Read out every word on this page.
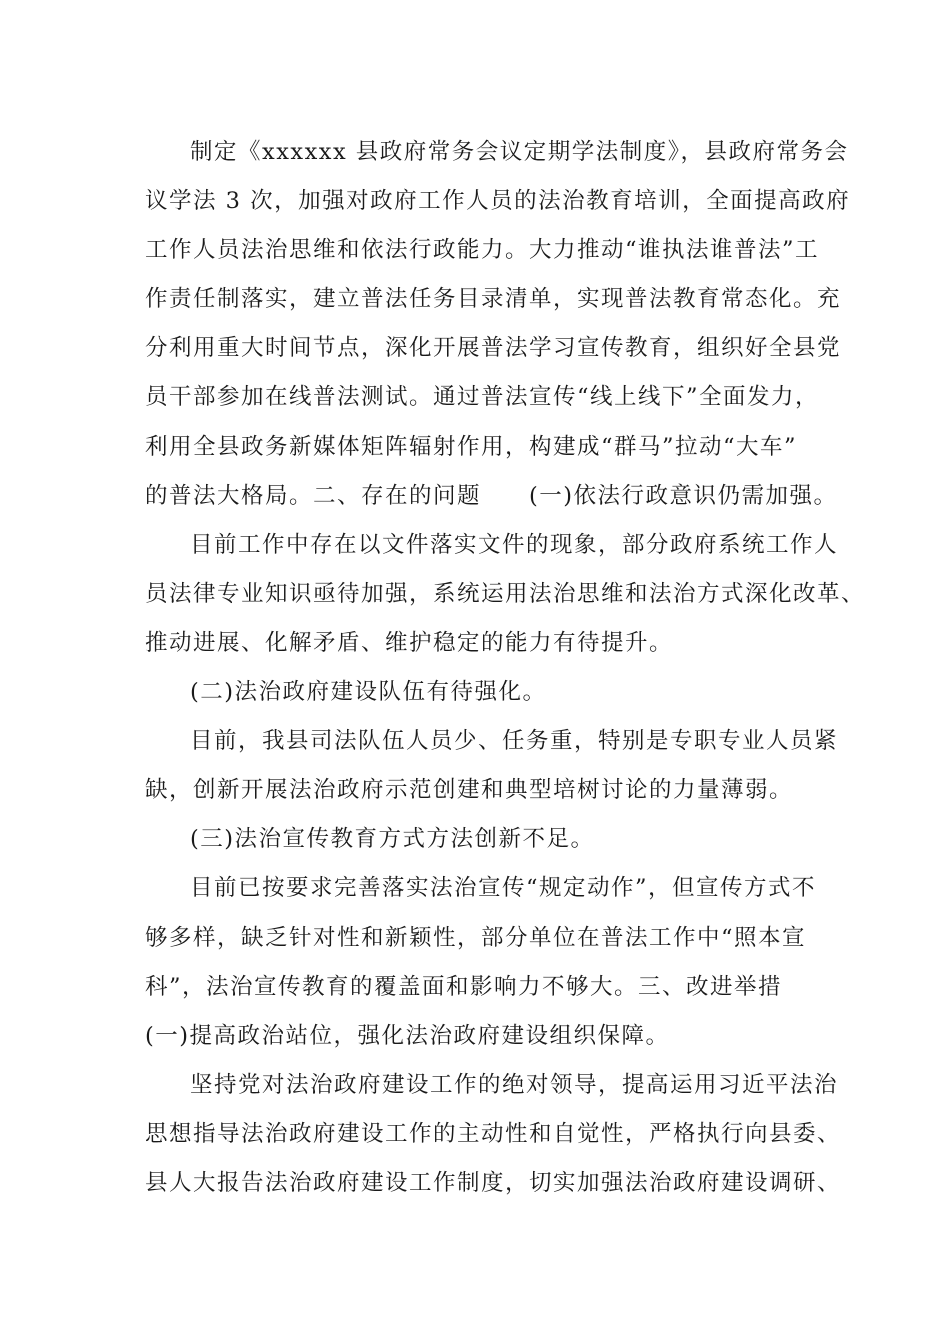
制定《xxxxxx 县政府常务会议定期学法制度》，县政府常务会
议学法 3 次，加强对政府工作人员的法治教育培训，全面提高政府
工作人员法治思维和依法行政能力。大力推动“谁执法谁普法”工
作责任制落实，建立普法任务目录清单，实现普法教育常态化。充
分利用重大时间节点，深化开展普法学习宣传教育，组织好全县党
员干部参加在线普法测试。通过普法宣传“线上线下”全面发力，
利用全县政务新媒体矩阵辐射作用，构建成“群马”拉动“大车”
的普法大格局。二、存在的问题　　(一)依法行政意识仍需加强。
目前工作中存在以文件落实文件的现象，部分政府系统工作人
员法律专业知识亟待加强，系统运用法治思维和法治方式深化改革、
推动进展、化解矛盾、维护稳定的能力有待提升。
(二)法治政府建设队伍有待强化。
目前，我县司法队伍人员少、任务重，特别是专职专业人员紧
缺，创新开展法治政府示范创建和典型培树讨论的力量薄弱。
(三)法治宣传教育方式方法创新不足。
目前已按要求完善落实法治宣传“规定动作”，但宣传方式不
够多样，缺乏针对性和新颖性，部分单位在普法工作中“照本宣
科”，法治宣传教育的覆盖面和影响力不够大。三、改进举措
(一)提高政治站位，强化法治政府建设组织保障。
坚持党对法治政府建设工作的绝对领导，提高运用习近平法治
思想指导法治政府建设工作的主动性和自觉性，严格执行向县委、
县人大报告法治政府建设工作制度，切实加强法治政府建设调研、
